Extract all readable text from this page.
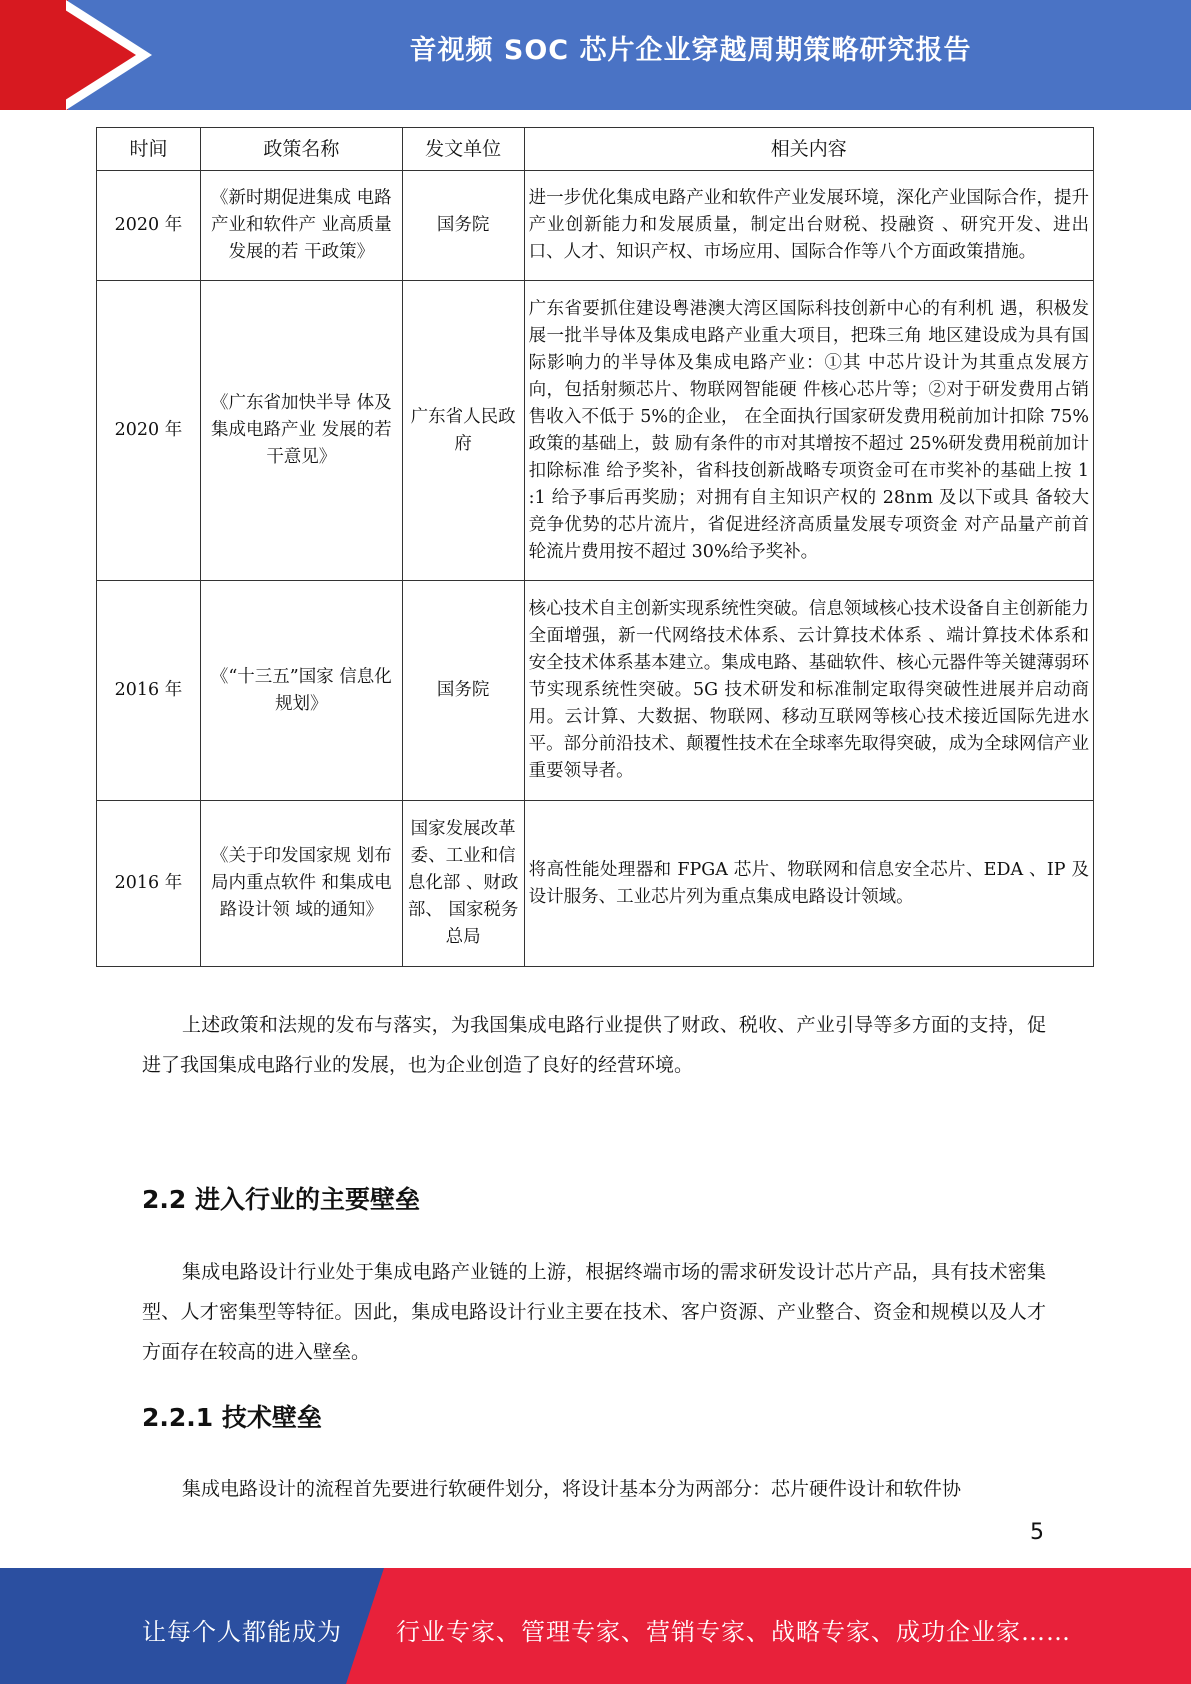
音视频 SOC 芯片企业穿越周期策略研究报告
时间	政策名称	发文单位	相关内容
2020 年	《新时期促进集成 电路产业和软件产 业高质量发展的若 干政策》	国务院	进一步优化集成电路产业和软件产业发展环境，深化产业国际合作，提升产业创新能力和发展质量，制定出台财税、投融资 、研究开发、进出口、人才、知识产权、市场应用、国际合作等八个方面政策措施。
2020 年	《广东省加快半导 体及集成电路产业 发展的若干意见》	广东省人民政府	广东省要抓住建设粤港澳大湾区国际科技创新中心的有利机 遇，积极发展一批半导体及集成电路产业重大项目，把珠三角 地区建设成为具有国际影响力的半导体及集成电路产业：①其 中芯片设计为其重点发展方向，包括射频芯片、物联网智能硬 件核心芯片等；②对于研发费用占销售收入不低于 5%的企业， 在全面执行国家研发费用税前加计扣除 75%政策的基础上，鼓 励有条件的市对其增按不超过 25%研发费用税前加计扣除标准 给予奖补，省科技创新战略专项资金可在市奖补的基础上按 1 :1 给予事后再奖励；对拥有自主知识产权的 28nm 及以下或具 备较大竞争优势的芯片流片，省促进经济高质量发展专项资金 对产品量产前首轮流片费用按不超过 30%给予奖补。
2016 年	《“十三五”国家 信息化规划》	国务院	核心技术自主创新实现系统性突破。信息领域核心技术设备自主创新能力全面增强，新一代网络技术体系、云计算技术体系 、端计算技术体系和安全技术体系基本建立。集成电路、基础软件、核心元器件等关键薄弱环节实现系统性突破。5G 技术研发和标准制定取得突破性进展并启动商用。云计算、大数据、物联网、移动互联网等核心技术接近国际先进水平。部分前沿技术、颠覆性技术在全球率先取得突破，成为全球网信产业重要领导者。
2016 年	《关于印发国家规 划布局内重点软件 和集成电路设计领 域的通知》	国家发展改革委、工业和信息化部 、财政部、 国家税务 总局	将高性能处理器和 FPGA 芯片、物联网和信息安全芯片、EDA 、IP 及设计服务、工业芯片列为重点集成电路设计领域。
上述政策和法规的发布与落实，为我国集成电路行业提供了财政、税收、产业引导等多方面的支持，促进了我国集成电路行业的发展，也为企业创造了良好的经营环境。
2.2 进入行业的主要壁垒
集成电路设计行业处于集成电路产业链的上游，根据终端市场的需求研发设计芯片产品，具有技术密集型、人才密集型等特征。因此，集成电路设计行业主要在技术、客户资源、产业整合、资金和规模以及人才方面存在较高的进入壁垒。
2.2.1 技术壁垒
集成电路设计的流程首先要进行软硬件划分，将设计基本分为两部分：芯片硬件设计和软件协
5
让每个人都能成为 行业专家、管理专家、营销专家、战略专家、成功企业家……
